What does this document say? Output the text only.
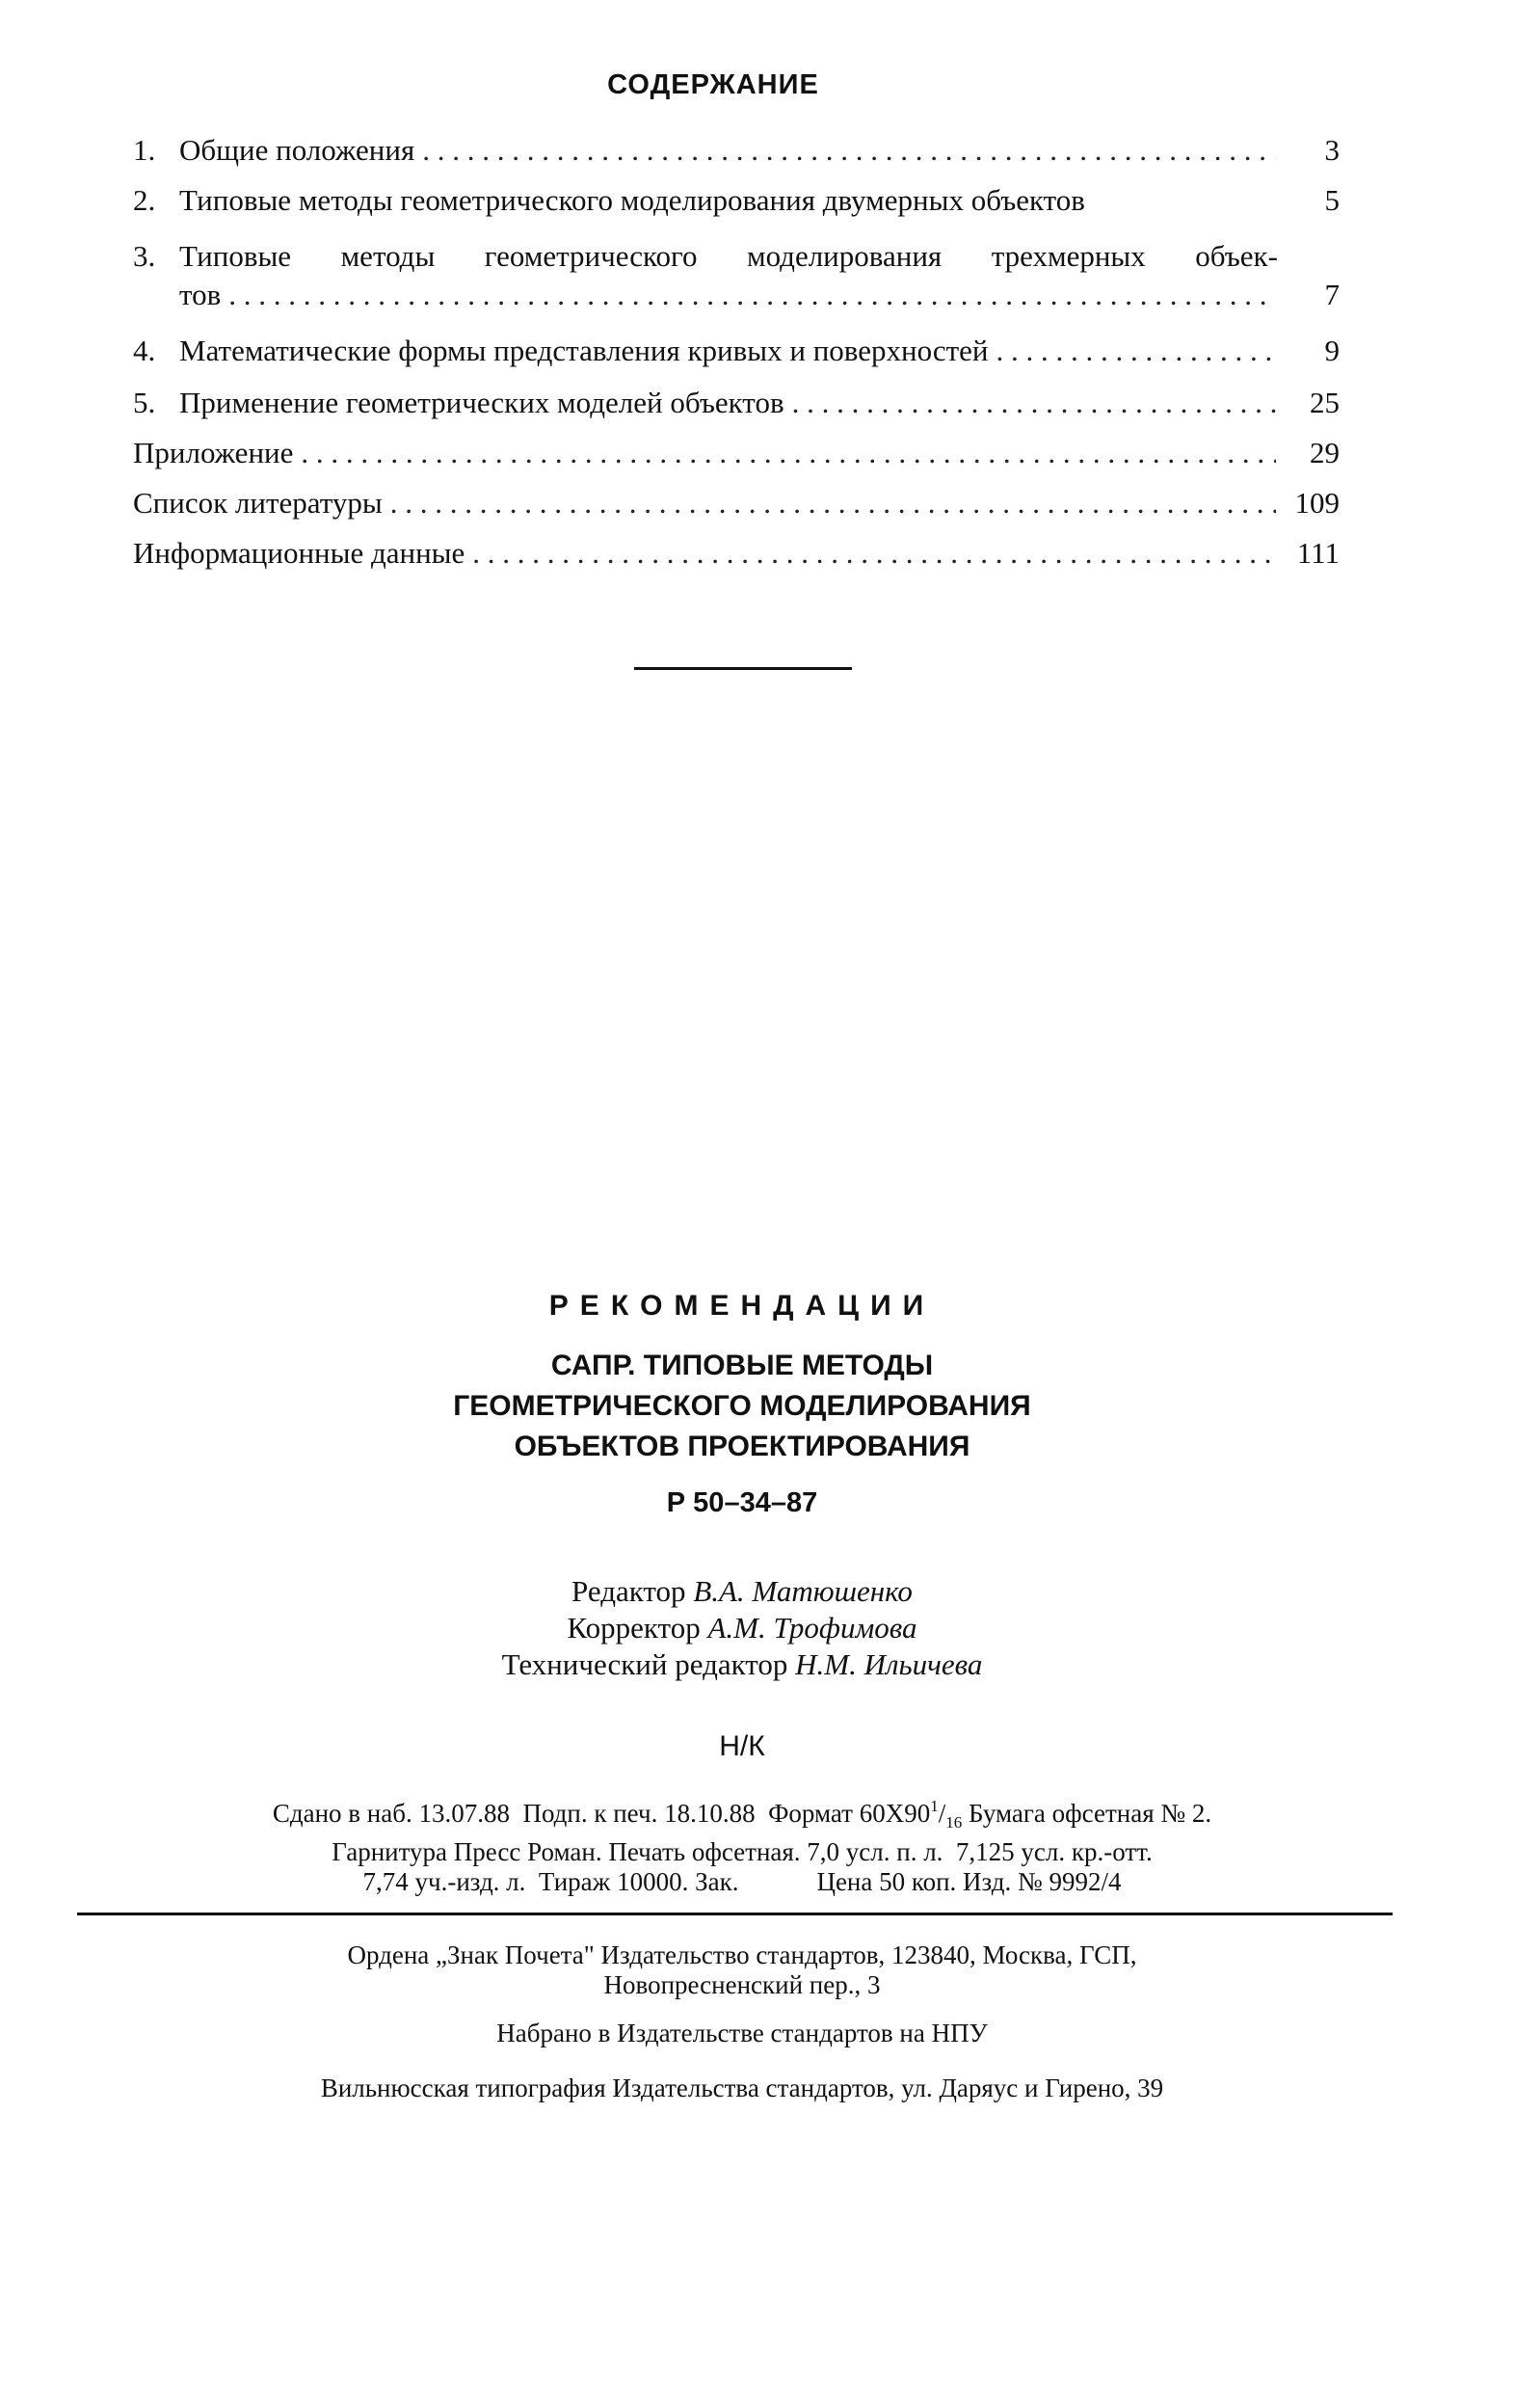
СОДЕРЖАНИЕ
1. Общие положения . . .	3
2. Типовые методы геометрического моделирования двумерных объектов	5
3. Типовые методы геометрического моделирования трехмерных объек-
тов . . .	7
4. Математические формы представления кривых и поверхностей . . .	9
5. Применение геометрических моделей объектов . . .	25
Приложение . . .	29
Список литературы . . .	109
Информационные данные . . .	111
РЕКОМЕНДАЦИИ
САПР. ТИПОВЫЕ МЕТОДЫ
ГЕОМЕТРИЧЕСКОГО МОДЕЛИРОВАНИЯ
ОБЪЕКТОВ ПРОЕКТИРОВАНИЯ
Р 50–34–87
Редактор В.А. Матюшенко
Корректор А.М. Трофимова
Технический редактор Н.М. Ильичева
Н/К
Сдано в наб. 13.07.88  Подп. к печ. 18.10.88  Формат $60Х90^1/_{16}$ Бумага офсетная № 2.
Гарнитура Пресс Роман. Печать офсетная. 7,0 усл. п. л.  7,125 усл. кр.-отт.
7,74 уч.-изд. л.  Тираж 10000. Зак.            Цена 50 коп. Изд. № 9992/4
Ордена „Знак Почета" Издательство стандартов, 123840, Москва, ГСП,
Новопресненский пер., 3
Набрано в Издательстве стандартов на НПУ
Вильнюсская типография Издательства стандартов, ул. Даряус и Гирено, 39
